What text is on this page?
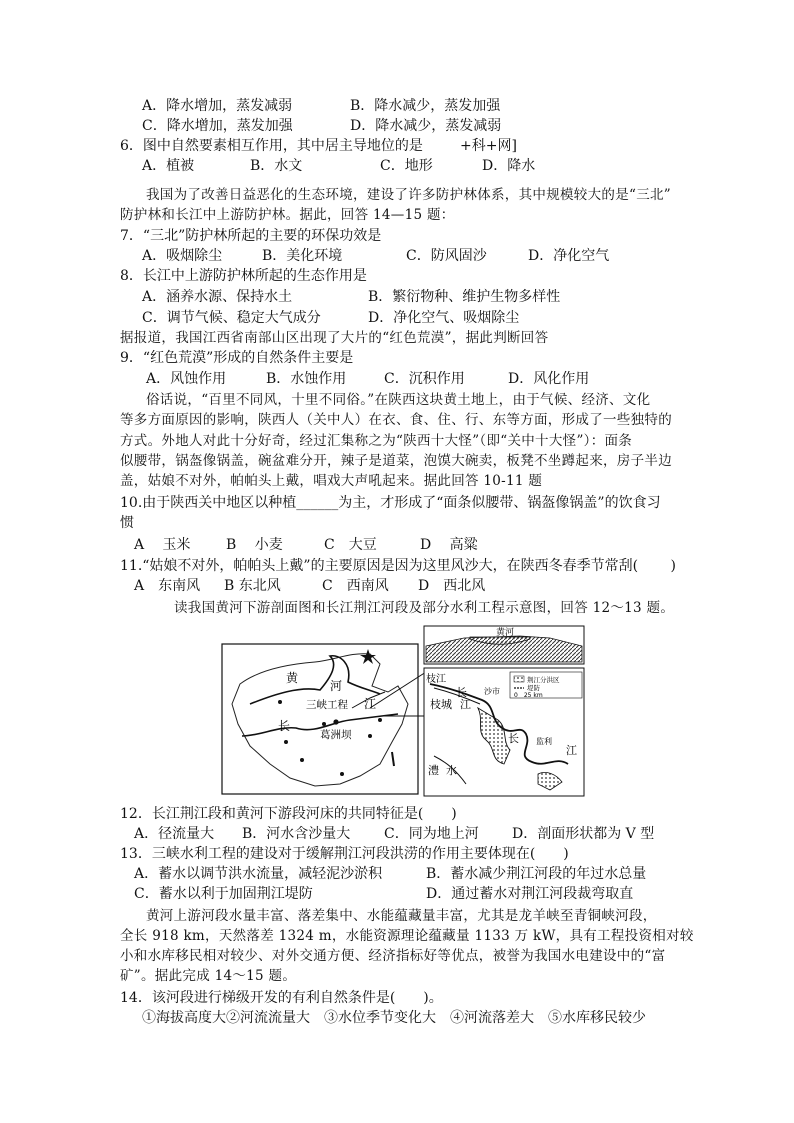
A．降水增加，蒸发减弱	B．降水减少，蒸发加强
C．降水增加，蒸发加强	D．降水减少，蒸发减弱
6．图中自然要素相互作用，其中居主导地位的是	+科+网]
A．植被	B．水文	C．地形	D．降水
我国为了改善日益恶化的生态环境，建设了许多防护林体系，其中规模较大的是“三北”
防护林和长江中上游防护林。据此，回答 14—15 题：
7．“三北”防护林所起的主要的环保功效是
A．吸烟除尘	B．美化环境	C．防风固沙	D．净化空气
8．长江中上游防护林所起的生态作用是
A．涵养水源、保持水土	B．繁衍物种、维护生物多样性
C．调节气候、稳定大气成分	D．净化空气、吸烟除尘
据报道，我国江西省南部山区出现了大片的“红色荒漠”，据此判断回答
9．“红色荒漠”形成的自然条件主要是
A．风蚀作用	B．水蚀作用	C．沉积作用	D．风化作用
俗话说，“百里不同风，十里不同俗。”在陕西这块黄土地上，由于气候、经济、文化
等多方面原因的影响，陕西人（关中人）在衣、食、住、行、东等方面，形成了一些独特的
方式。外地人对此十分好奇，经过汇集称之为“陕西十大怪”（即“关中十大怪”）：面条
似腰带，锅盔像锅盖，碗盆难分开，辣子是道菜，泡馍大碗卖，板凳不坐蹲起来，房子半边
盖，姑娘不对外，帕帕头上戴，唱戏大声吼起来。据此回答 10-11 题
10.由于陕西关中地区以种植______为主，才形成了“面条似腰带、锅盔像锅盖”的饮食习
惯
A　 玉米	B　 小麦	C　大豆	D　 高粱
11.“姑娘不对外，帕帕头上戴”的主要原因是因为这里风沙大，在陕西冬春季节常刮(　　 )
A　东南风 B 东北风	C　西南风 D　西北风
读我国黄河下游剖面图和长江荆江河段及部分水利工程示意图，回答 12～13 题。
黄
河
三峡工程 江
长
葛洲坝
黄河
荆江分洪区
堤防
0　25 km
枝江
枝城
长
江
沙市
澧 水
长 监利
江
12．长江荆江段和黄河下游段河床的共同特征是(　　)
A．径流量大 B．河水含沙量大 C．同为地上河 D．剖面形状都为 V 型
13．三峡水利工程的建设对于缓解荆江河段洪涝的作用主要体现在(　　)
A．蓄水以调节洪水流量，减轻泥沙淤积	B．蓄水减少荆江河段的年过水总量
C．蓄水以利于加固荆江堤防	D．通过蓄水对荆江河段裁弯取直
黄河上游河段水量丰富、落差集中、水能蕴藏量丰富，尤其是龙羊峡至青铜峡河段，
全长 918 km，天然落差 1324 m，水能资源理论蕴藏量 1133 万 kW，具有工程投资相对较
小和水库移民相对较少、对外交通方便、经济指标好等优点，被誉为我国水电建设中的“富
矿”。据此完成 14～15 题。
14．该河段进行梯级开发的有利自然条件是(　　)。
①海拔高度大②河流流量大　③水位季节变化大　④河流落差大　⑤水库移民较少
